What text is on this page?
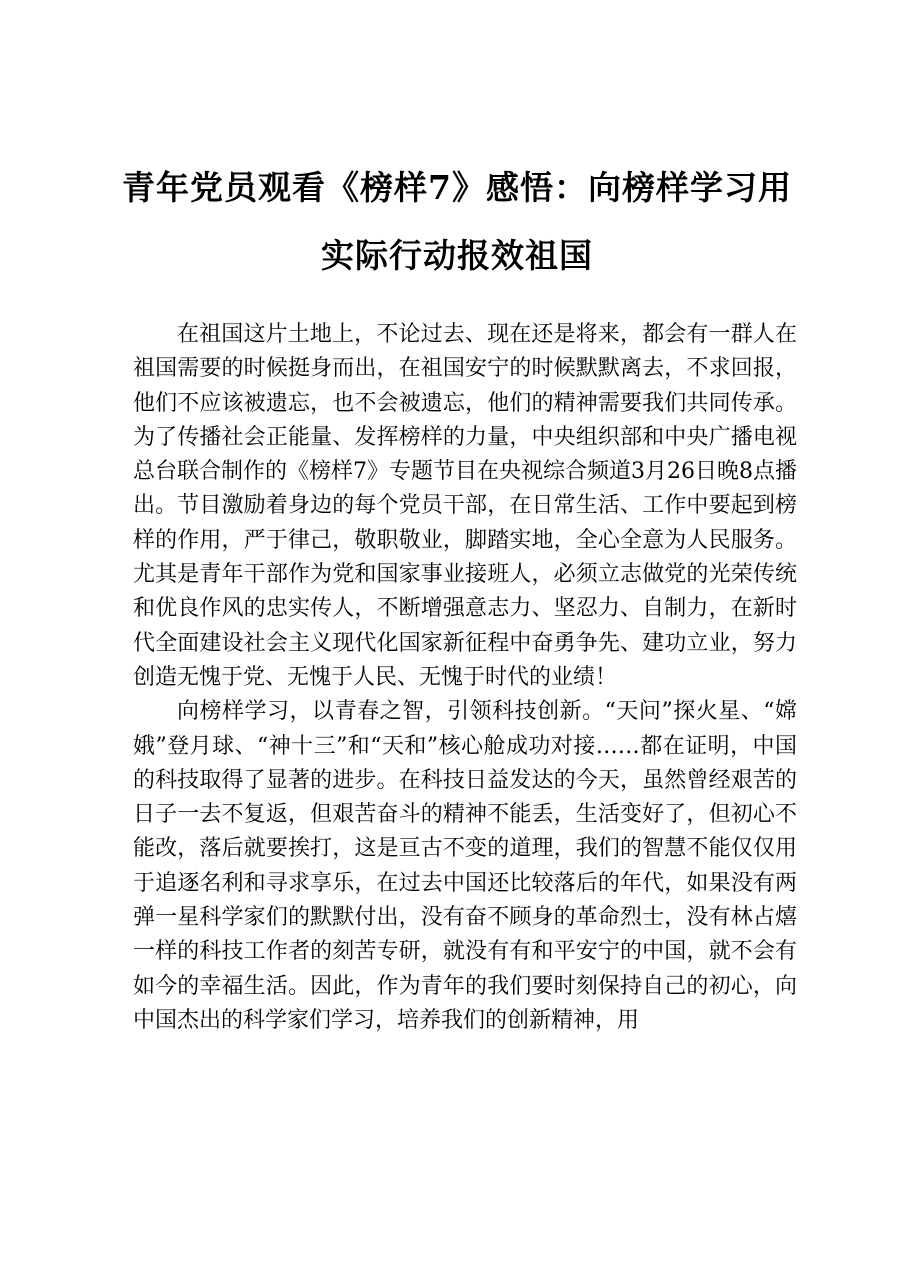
青年党员观看《榜样7》感悟：向榜样学习用
实际行动报效祖国

在祖国这片土地上，不论过去、现在还是将来，都会有一群人在祖国需要的时候挺身而出，在祖国安宁的时候默默离去，不求回报，他们不应该被遗忘，也不会被遗忘，他们的精神需要我们共同传承。为了传播社会正能量、发挥榜样的力量，中央组织部和中央广播电视总台联合制作的《榜样7》专题节目在央视综合频道3月26日晚8点播出。节目激励着身边的每个党员干部，在日常生活、工作中要起到榜样的作用，严于律己，敬职敬业，脚踏实地，全心全意为人民服务。尤其是青年干部作为党和国家事业接班人，必须立志做党的光荣传统和优良作风的忠实传人，不断增强意志力、坚忍力、自制力，在新时代全面建设社会主义现代化国家新征程中奋勇争先、建功立业，努力创造无愧于党、无愧于人民、无愧于时代的业绩！

向榜样学习，以青春之智，引领科技创新。“天问”探火星、“嫦娥”登月球、“神十三”和“天和”核心舱成功对接……都在证明，中国的科技取得了显著的进步。在科技日益发达的今天，虽然曾经艰苦的日子一去不复返，但艰苦奋斗的精神不能丢，生活变好了，但初心不能改，落后就要挨打，这是亘古不变的道理，我们的智慧不能仅仅用于追逐名利和寻求享乐，在过去中国还比较落后的年代，如果没有两弹一星科学家们的默默付出，没有奋不顾身的革命烈士，没有林占熺一样的科技工作者的刻苦专研，就没有有和平安宁的中国，就不会有如今的幸福生活。因此，作为青年的我们要时刻保持自己的初心，向中国杰出的科学家们学习，培养我们的创新精神，用
